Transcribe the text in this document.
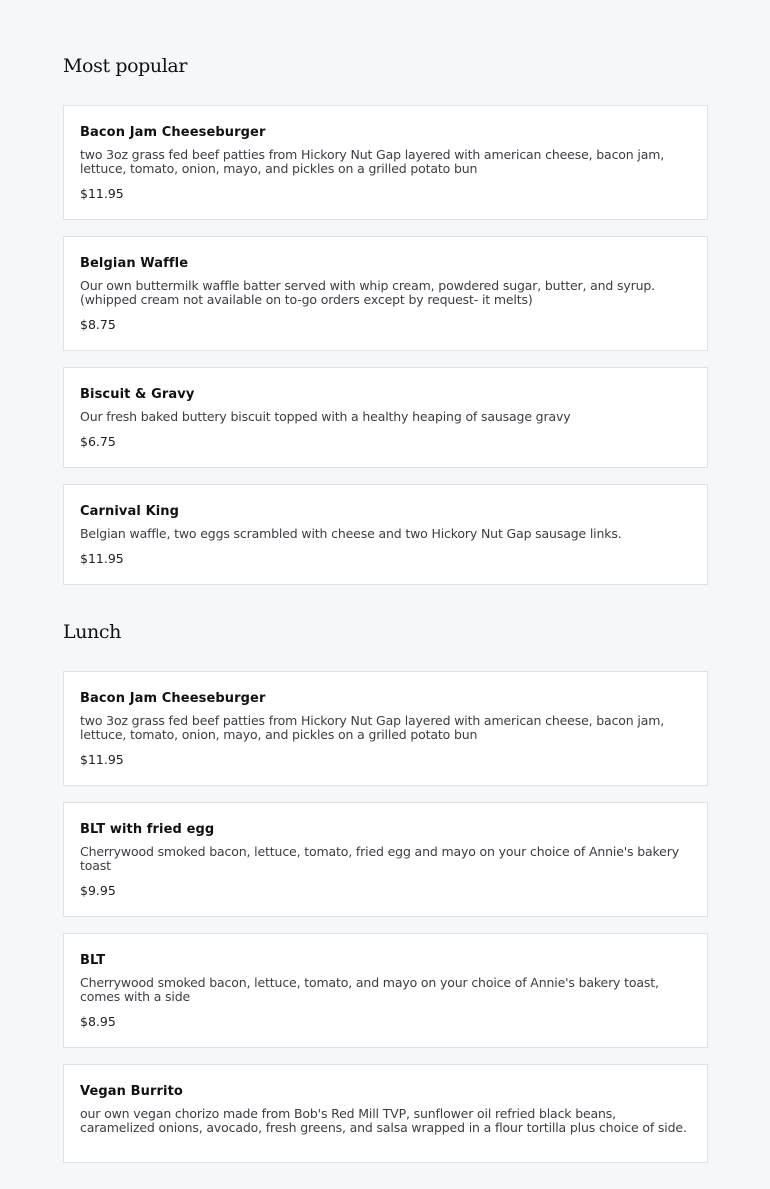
Most popular
Bacon Jam Cheeseburger
two 3oz grass fed beef patties from Hickory Nut Gap layered with american cheese, bacon jam, lettuce, tomato, onion, mayo, and pickles on a grilled potato bun
$11.95
Belgian Waffle
Our own buttermilk waffle batter served with whip cream, powdered sugar, butter, and syrup. (whipped cream not available on to-go orders except by request- it melts)
$8.75
Biscuit & Gravy
Our fresh baked buttery biscuit topped with a healthy heaping of sausage gravy
$6.75
Carnival King
Belgian waffle, two eggs scrambled with cheese and two Hickory Nut Gap sausage links.
$11.95
Lunch
Bacon Jam Cheeseburger
two 3oz grass fed beef patties from Hickory Nut Gap layered with american cheese, bacon jam, lettuce, tomato, onion, mayo, and pickles on a grilled potato bun
$11.95
BLT with fried egg
Cherrywood smoked bacon, lettuce, tomato, fried egg and mayo on your choice of Annie's bakery toast
$9.95
BLT
Cherrywood smoked bacon, lettuce, tomato, and mayo on your choice of Annie's bakery toast, comes with a side
$8.95
Vegan Burrito
our own vegan chorizo made from Bob's Red Mill TVP, sunflower oil refried black beans, caramelized onions, avocado, fresh greens, and salsa wrapped in a flour tortilla plus choice of side.
